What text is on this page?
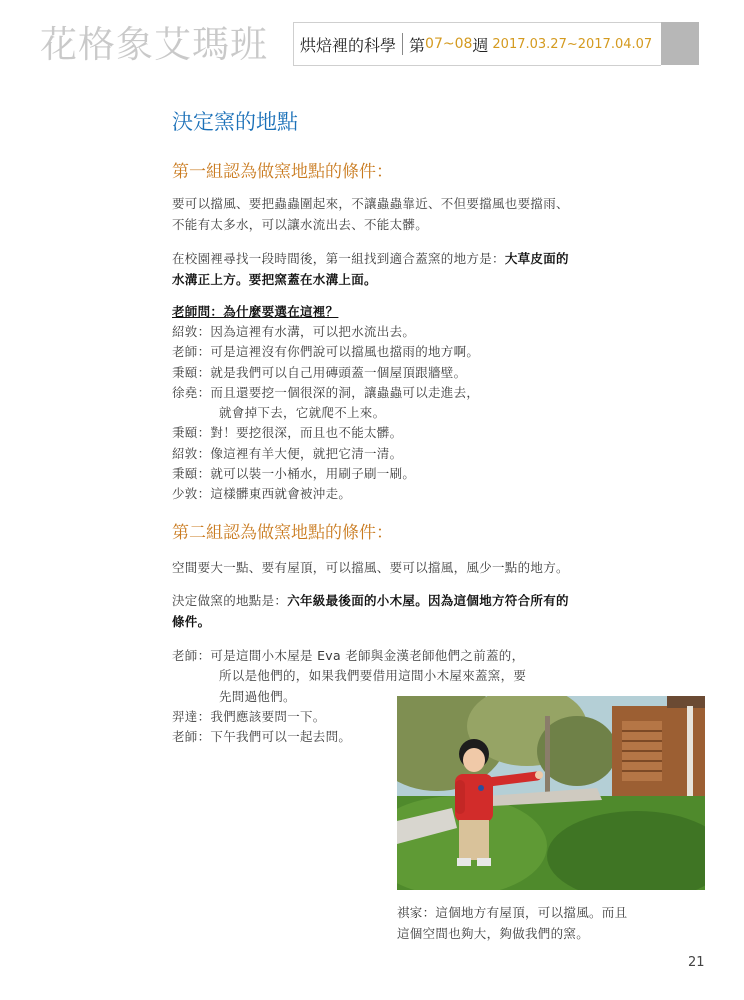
花格象艾瑪班 烘焙裡的科學 第 07~08 週 2017.03.27~2017.04.07
決定窯的地點
第一組認為做窯地點的條件：
要可以擋風、要把蟲蟲圍起來，不讓蟲蟲靠近、不但要擋風也要擋雨、
不能有太多水，可以讓水流出去、不能太髒。
在校園裡尋找一段時間後，第一組找到適合蓋窯的地方是：大草皮面的
水溝正上方。要把窯蓋在水溝上面。
老師問：為什麼要選在這裡？
紹敦：因為這裡有水溝，可以把水流出去。
老師：可是這裡沒有你們說可以擋風也擋雨的地方啊。
秉頤：就是我們可以自己用磚頭蓋一個屋頂跟牆壁。
徐堯：而且還要挖一個很深的洞，讓蟲蟲可以走進去，
就會掉下去，它就爬不上來。
秉頤：對！要挖很深，而且也不能太髒。
紹敦：像這裡有羊大便，就把它清一清。
秉頤：就可以裝一小桶水，用刷子刷一刷。
少敦：這樣髒東西就會被沖走。
第二組認為做窯地點的條件：
空間要大一點、要有屋頂，可以擋風、要可以擋風，風少一點的地方。
決定做窯的地點是：六年級最後面的小木屋。因為這個地方符合所有的
條件。
老師：可是這間小木屋是 Eva 老師與金漢老師他們之前蓋的，
所以是他們的，如果我們要借用這間小木屋來蓋窯，要
先問過他們。
羿達：我們應該要問一下。
老師：下午我們可以一起去問。
祺家：這個地方有屋頂，可以擋風。而且
這個空間也夠大，夠做我們的窯。
21
